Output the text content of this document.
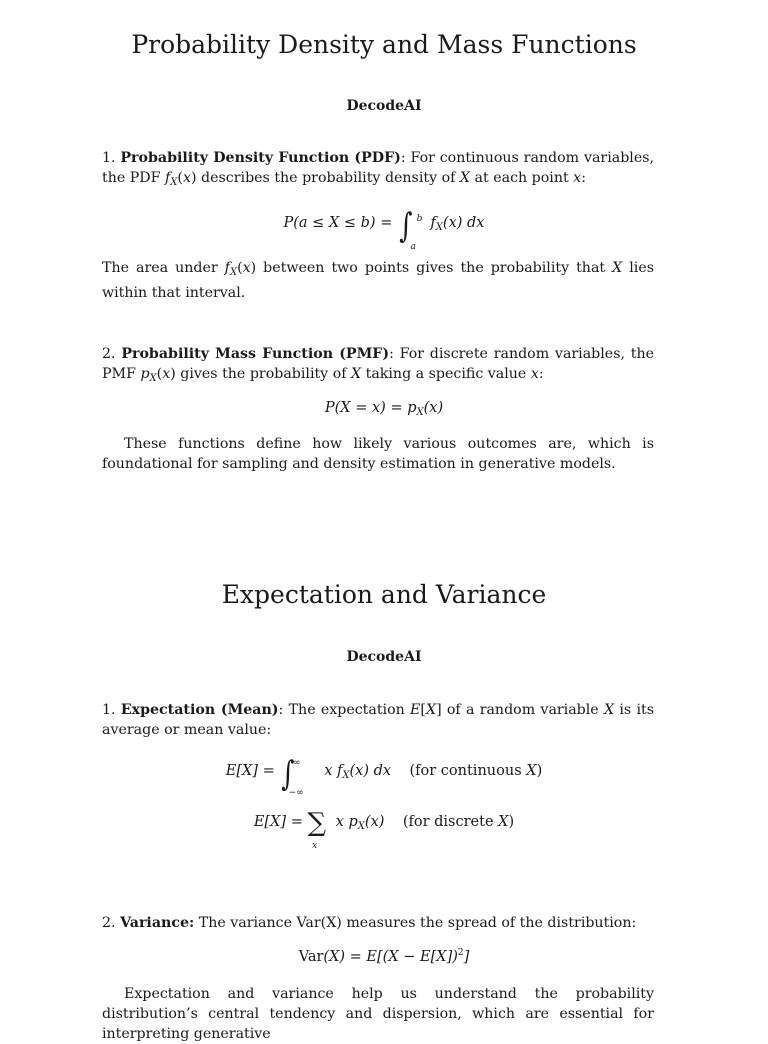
Probability Density and Mass Functions
DecodeAI
1. Probability Density Function (PDF): For continuous random variables, the PDF $f_X(x)$ describes the probability density of X at each point x:
P(a ≤ X ≤ b) = ∫ $^b_a$ $f_X(x)$ dx
The area under $f_X(x)$ between two points gives the probability that X lies within that interval.
2. Probability Mass Function (PMF): For discrete random variables, the PMF $p_X(x)$ gives the probability of X taking a specific value x:
$P(X = x) = p_X(x)$
These functions define how likely various outcomes are, which is foundational for sampling and density estimation in generative models.
Expectation and Variance
DecodeAI
1. Expectation (Mean): The expectation E[X] of a random variable X is its average or mean value:
$E[X] = \int^\infty_{-\infty}$ x $f_X(x)$ dx    (for continuous X)
$E[X] = \sum_x$ x $p_X(x)$    (for discrete X)
2. Variance: The variance Var(X) measures the spread of the distribution:
$Var(X) = E[(X - E[X])^2]$
Expectation and variance help us understand the probability distribution’s central tendency and dispersion, which are essential for interpreting generative
